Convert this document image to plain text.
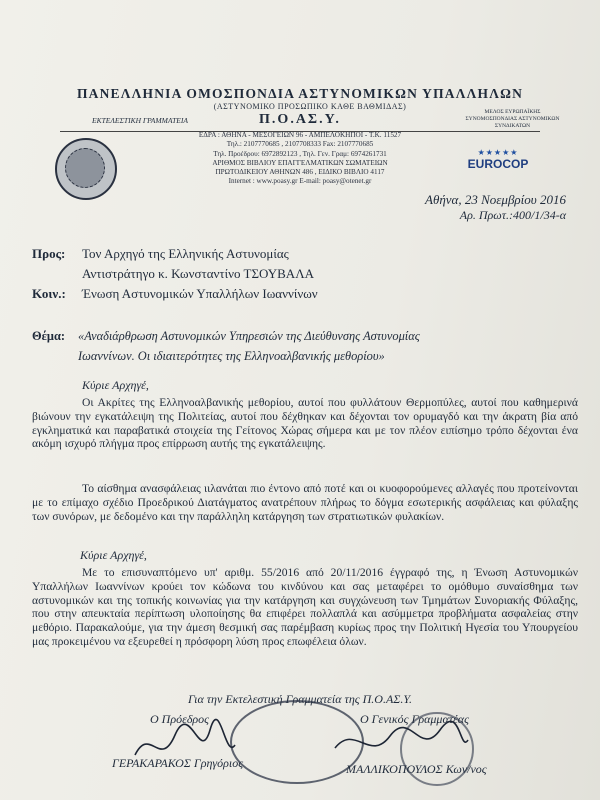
ΠΑΝΕΛΛΗΝΙΑ ΟΜΟΣΠΟΝΔΙΑ ΑΣΤΥΝΟΜΙΚΩΝ ΥΠΑΛΛΗΛΩΝ
(ΑΣΤΥΝΟΜΙΚΟ ΠΡΟΣΩΠΙΚΟ ΚΑΘΕ ΒΑΘΜΙΔΑΣ)
ΕΚΤΕΛΕΣΤΙΚΗ ΓΡΑΜΜΑΤΕΙΑ	Π.Ο.ΑΣ.Υ.	ΜΕΛΟΣ ΕΥΡΩΠΑΪΚΗΣ ΣΥΝΟΜΟΣΠΟΝΔΙΑΣ ΑΣΤΥΝΟΜΙΚΩΝ ΣΥΝΔΙΚΑΤΩΝ
ΕΔΡΑ : ΑΘΗΝΑ - ΜΕΣΟΓΕΙΩΝ 96 - ΑΜΠΕΛΟΚΗΠΟΙ - Τ.Κ. 11527
Τηλ.: 2107770685 , 2107708333 Fax: 2107770685
Τηλ. Προέδρου: 6972892123 , Τηλ. Γεν. Γραμ: 6974261731
ΑΡΙΘΜΟΣ ΒΙΒΛΙΟΥ ΕΠΑΓΓΕΛΜΑΤΙΚΩΝ ΣΩΜΑΤΕΙΩΝ
ΠΡΩΤΟΔΙΚΕΙΟΥ ΑΘΗΝΩΝ 486 , ΕΙΔΙΚΟ ΒΙΒΛΙΟ 4117
Internet : www.poasy.gr E-mail: poasy@otenet.gr
★★★★★
EUROCOP
Αθήνα, 23 Νοεμβρίου 2016
Αρ. Πρωτ.:400/1/34-α
Προς: Τον Αρχηγό της Ελληνικής Αστυνομίας
Αντιστράτηγο κ. Κωνσταντίνο ΤΣΟΥΒΑΛΑ
Κοιν.: Ένωση Αστυνομικών Υπαλλήλων Ιωαννίνων
Θέμα: «Αναδιάρθρωση Αστυνομικών Υπηρεσιών της Διεύθυνσης Αστυνομίας
Ιωαννίνων. Οι ιδιαιτερότητες της Ελληνοαλβανικής μεθορίου»
Κύριε Αρχηγέ,
Οι Ακρίτες της Ελληνοαλβανικής μεθορίου, αυτοί που φυλλάτουν Θερμοπύλες, αυτοί που καθημερινά βιώνουν την εγκατάλειψη της Πολιτείας, αυτοί που δέχθηκαν και δέχονται τον ορυμαγδό και την άκρατη βία από εγκληματικά και παραβατικά στοιχεία της Γείτονος Χώρας σήμερα και με τον πλέον ειπίσημο τρόπο δέχονται ένα ακόμη ισχυρό πλήγμα προς επίρρωση αυτής της εγκατάλειψης.
Το αίσθημα ανασφάλειας ιιλανάται πιο έντονο από ποτέ και οι κυοφορούμενες αλλαγές που προτείνονται με το επίμαχο σχέδιο Προεδρικού Διατάγματος ανατρέπουν πλήρως το δόγμα εσωτερικής ασφάλειας και φύλαξης των συνόρων, με δεδομένο και την παράλληλη κατάργηση των στρατιωτικών φυλακίων.
Κύριε Αρχηγέ,
Με το επισυναπτόμενο υπ' αριθμ. 55/2016 από 20/11/2016 έγγραφό της, η Ένωση Αστυνομικών Υπαλλήλων Ιωαννίνων κρούει τον κώδωνα του κινδύνου και σας μεταφέρει το ομόθυμο συναίσθημα των αστυνομικών και της τοπικής κοινωνίας για την κατάργηση και συγχώνευση των Τμημάτων Συνοριακής Φύλαξης, που στην απευκταία περίπτωση υλοποίησης θα επιφέρει πολλαπλά και ασύμμετρα προβλήματα ασφαλείας στην μεθόριο. Παρακαλούμε, για την άμεση θεσμική σας παρέμβαση κυρίως προς την Πολιτική Ηγεσία του Υπουργείου μας προκειμένου να εξευρεθεί η πρόσφορη λύση προς επωφέλεια όλων.
Για την Εκτελεστική Γραμματεία της Π.Ο.ΑΣ.Υ.
Ο Πρόεδρος	Ο Γενικός Γραμματέας
ΓΕΡΑΚΑΡΑΚΟΣ Γρηγόριος	ΜΑΛΛΙΚΟΠΟΥΛΟΣ Κων/νος
